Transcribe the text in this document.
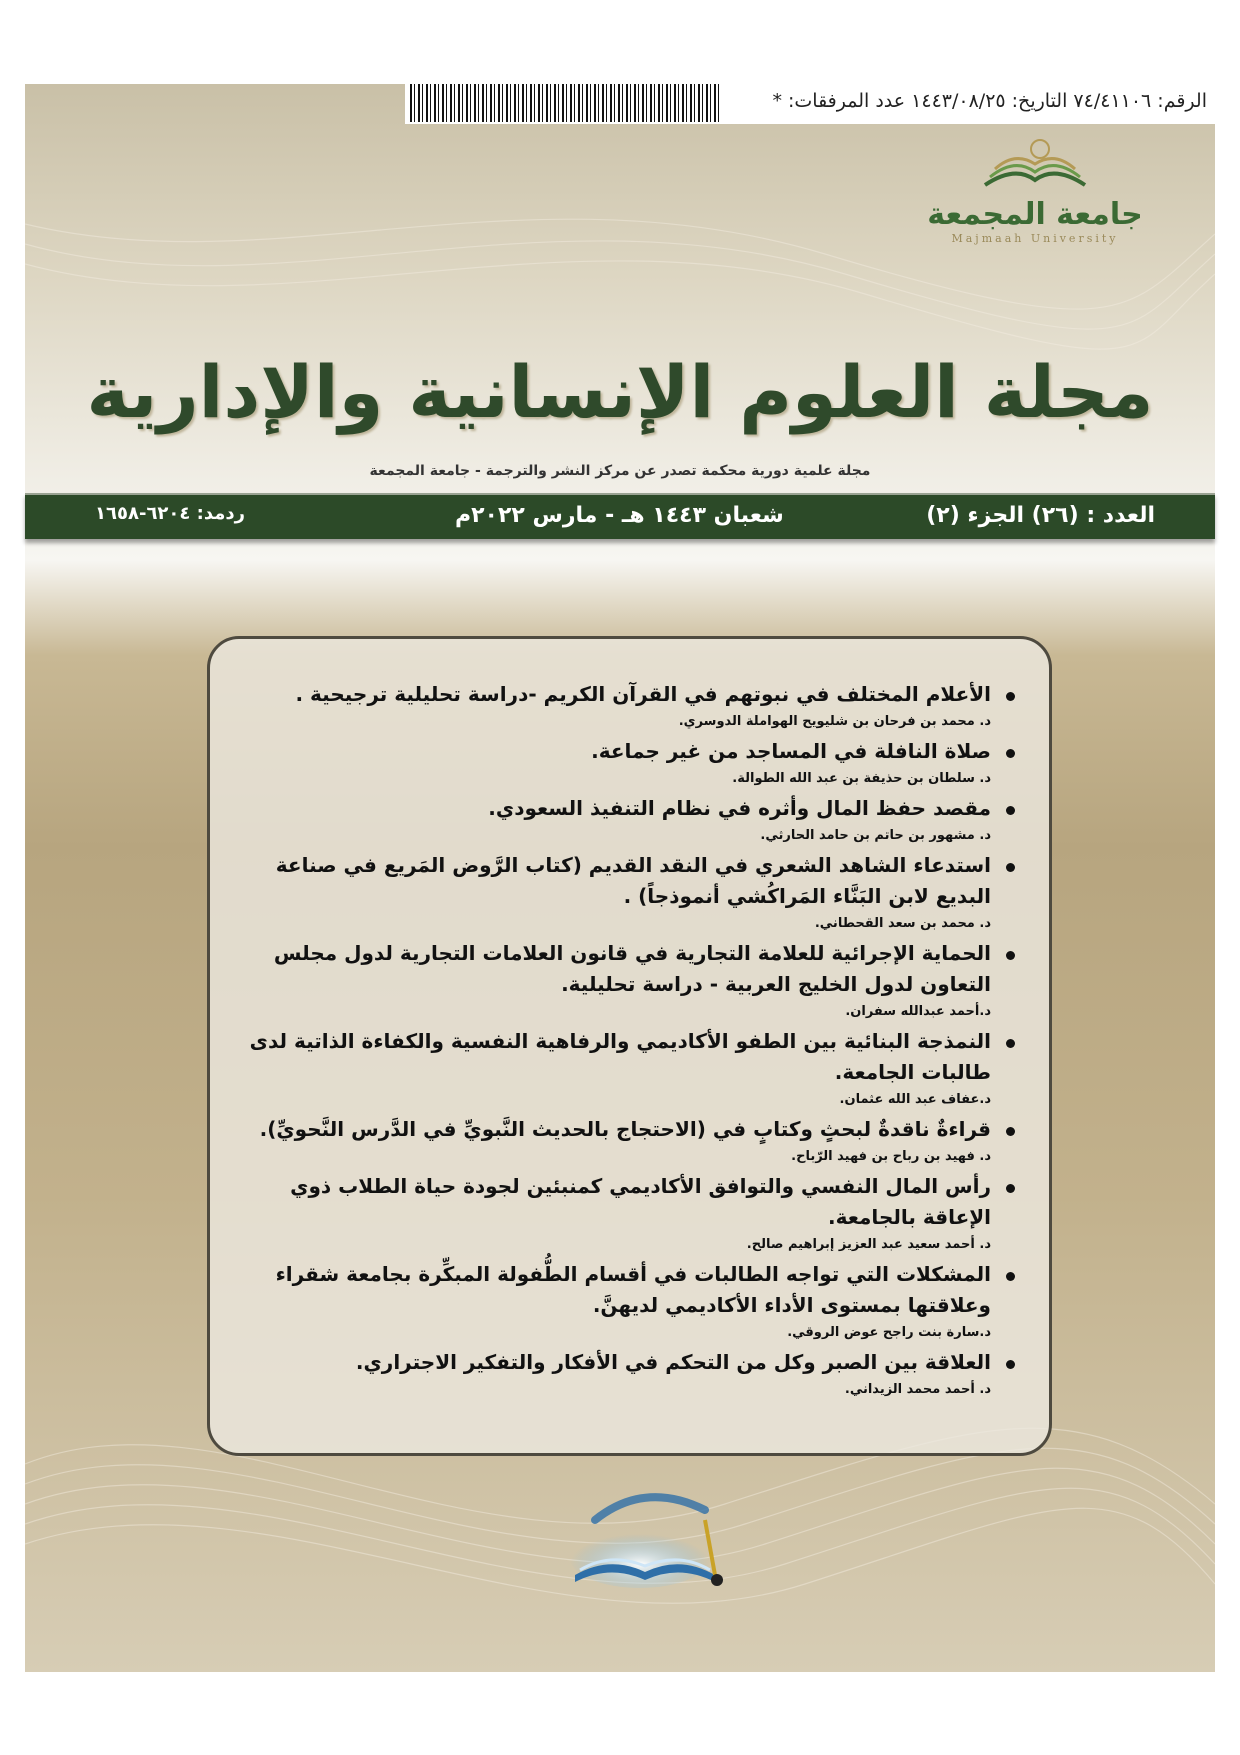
الرقم: ٧٤/٤١١٠٦ التاريخ: ١٤٤٣/٠٨/٢٥ عدد المرفقات: *
جامعة المجمعة
Majmaah University
مجلة العلوم الإنسانية والإدارية
مجلة علمية دورية محكمة تصدر عن مركز النشر والترجمة - جامعة المجمعة
العدد : (٢٦) الجزء (٢)
شعبان ١٤٤٣ هـ - مارس ٢٠٢٢م
ردمد: ٦٢٠٤-١٦٥٨
الأعلام المختلف في نبوتهم في القرآن الكريم -دراسة تحليلية ترجيحية .
د. محمد بن فرحان بن شليويح الهواملة الدوسري.
صلاة النافلة في المساجد من غير جماعة.
د. سلطان بن حذيفة بن عبد الله الطوالة.
مقصد حفظ المال وأثره في نظام التنفيذ السعودي.
د. مشهور بن حاتم بن حامد الحارثي.
استدعاء الشاهد الشعري في النقد القديم (كتاب الرَّوض المَريع في صناعة البديع لابن البَنَّاء المَراكُشي أنموذجاً) .
د. محمد بن سعد القحطاني.
الحماية الإجرائية للعلامة التجارية في قانون العلامات التجارية لدول مجلس التعاون لدول الخليج العربية - دراسة تحليلية.
د.أحمد عبدالله سفران.
النمذجة البنائية بين الطفو الأكاديمي والرفاهية النفسية والكفاءة الذاتية لدى طالبات الجامعة.
د.عفاف عبد الله عثمان.
قراءةٌ ناقدةٌ لبحثٍ وكتابٍ في (الاحتجاج بالحديث النَّبويِّ في الدَّرس النَّحويِّ).
د. فهيد بن رباح بن فهيد الرّباح.
رأس المال النفسي والتوافق الأكاديمي كمنبئين لجودة حياة الطلاب ذوي الإعاقة بالجامعة.
د. أحمد سعيد عبد العزيز إبراهيم صالح.
المشكلات التي تواجه الطالبات في أقسام الطُّفولة المبكِّرة بجامعة شقراء وعلاقتها بمستوى الأداء الأكاديمي لديهنَّ.
د.سارة بنت راجح عوض الروقي.
العلاقة بين الصبر وكل من التحكم في الأفكار والتفكير الاجتراري.
د. أحمد محمد الزيداني.
